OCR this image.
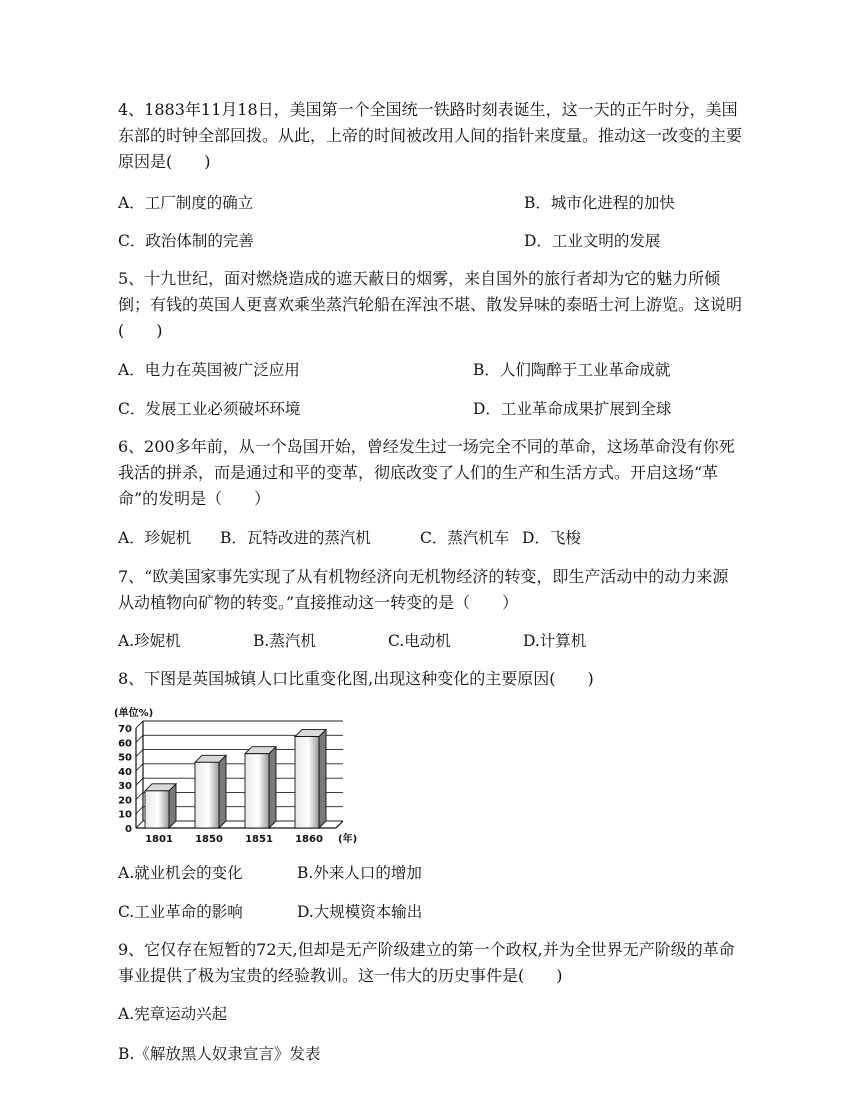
4、1883年11月18日，美国第一个全国统一铁路时刻表诞生，这一天的正午时分，美国东部的时钟全部回拨。从此，上帝的时间被改用人间的指针来度量。推动这一改变的主要原因是(　　)

A．工厂制度的确立	B．城市化进程的加快
C．政治体制的完善	D．工业文明的发展

5、十九世纪，面对燃烧造成的遮天蔽日的烟雾，来自国外的旅行者却为它的魅力所倾倒；有钱的英国人更喜欢乘坐蒸汽轮船在浑浊不堪、散发异味的泰晤士河上游览。这说明(　　)

A．电力在英国被广泛应用	B．人们陶醉于工业革命成就
C．发展工业必须破坏环境	D．工业革命成果扩展到全球

6、200多年前，从一个岛国开始，曾经发生过一场完全不同的革命，这场革命没有你死我活的拼杀，而是通过和平的变革，彻底改变了人们的生产和生活方式。开启这场“革命”的发明是（　　）

A．珍妮机 B．瓦特改进的蒸汽机	C．蒸汽机车 D．飞梭

7、“欧美国家事先实现了从有机物经济向无机物经济的转变，即生产活动中的动力来源从动植物向矿物的转变。”直接推动这一转变的是（　　）

A.珍妮机	B.蒸汽机	C.电动机	D.计算机

8、下图是英国城镇人口比重变化图,出现这种变化的主要原因(　　)

0
10
20
30
40
50
60
70
1801 1850 1851 1860
(单位%)
(年)
A.就业机会的变化	B.外来人口的增加
C.工业革命的影响	D.大规模资本输出

9、它仅存在短暂的72天,但却是无产阶级建立的第一个政权,并为全世界无产阶级的革命事业提供了极为宝贵的经验教训。这一伟大的历史事件是(　　)

A.宪章运动兴起
B.《解放黑人奴隶宣言》发表
